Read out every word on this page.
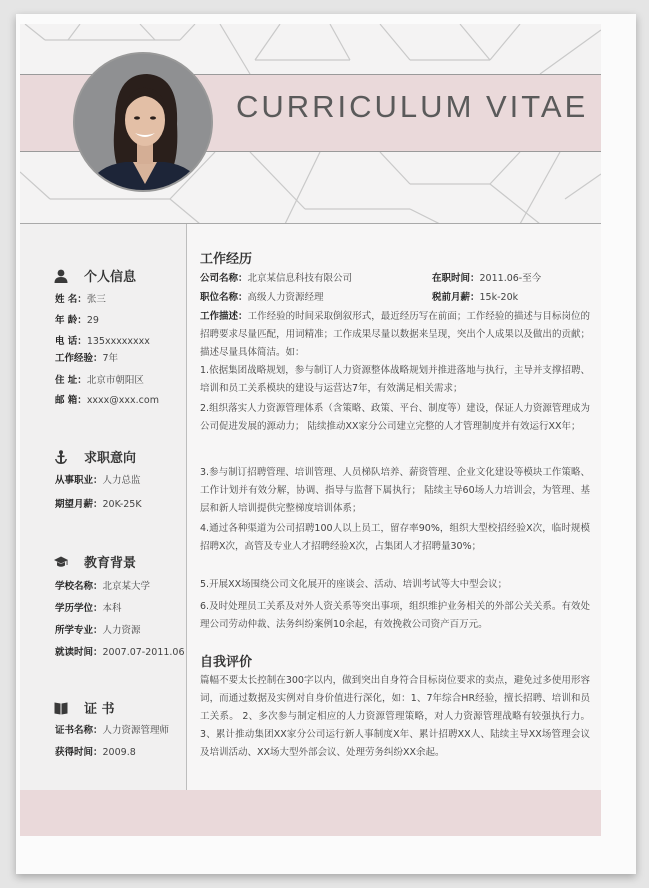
CURRICULUM VITAE
个人信息
姓 名：张三
年 龄：29
电 话：135xxxxxxxx
工作经验：7年
住 址：北京市朝阳区
邮 箱：xxxx@xxx.com
求职意向
从事职业：人力总监
期望月薪：20K-25K
教育背景
学校名称：北京某大学
学历学位：本科
所学专业：人力资源
就读时间：2007.07-2011.06
证 书
证书名称：人力资源管理师
获得时间：2009.8
工作经历
公司名称：北京某信息科技有限公司	在职时间：2011.06-至今
职位名称：高级人力资源经理	税前月薪：15k-20k

工作描述：工作经验的时间采取倒叙形式，最近经历写在前面；工作经验的描述与目标岗位的招聘要求尽量匹配，用词精准；工作成果尽量以数据来呈现，突出个人成果以及做出的贡献；描述尽量具体简洁。如：

1.依据集团战略规划，参与制订人力资源整体战略规划并推进落地与执行，主导并支撑招聘、培训和员工关系模块的建设与运营达7年，有效满足相关需求；

2.组织落实人力资源管理体系（含策略、政策、平台、制度等）建设，保证人力资源管理成为公司促进发展的源动力； 陆续推动XX家分公司建立完整的人才管理制度并有效运行XX年；

3.参与制订招聘管理、培训管理、人员梯队培养、薪资管理、企业文化建设等模块工作策略、工作计划并有效分解，协调、指导与监督下属执行； 陆续主导60场人力培训会，为管理、基层和新人培训提供完整梯度培训体系；

4.通过各种渠道为公司招聘100人以上员工，留存率90%，组织大型校招经验X次，临时规模招聘X次，高管及专业人才招聘经验X次，占集团人才招聘量30%；

5.开展XX场围绕公司文化展开的座谈会、活动、培训考试等大中型会议；

6.及时处理员工关系及对外人资关系等突出事项，组织维护业务相关的外部公关关系。有效处理公司劳动仲裁、法务纠纷案例10余起，有效挽救公司资产百万元。

自我评价

篇幅不要太长控制在300字以内，做到突出自身符合目标岗位要求的卖点，避免过多使用形容词，而通过数据及实例对自身价值进行深化，如：1、7年综合HR经验，擅长招聘、培训和员工关系。 2、多次参与制定相应的人力资源管理策略，对人力资源管理战略有较强执行力。3、累计推动集团XX家分公司运行新人事制度X年、累计招聘XX人、陆续主导XX场管理会议及培训活动、XX场大型外部会议、处理劳务纠纷XX余起。
